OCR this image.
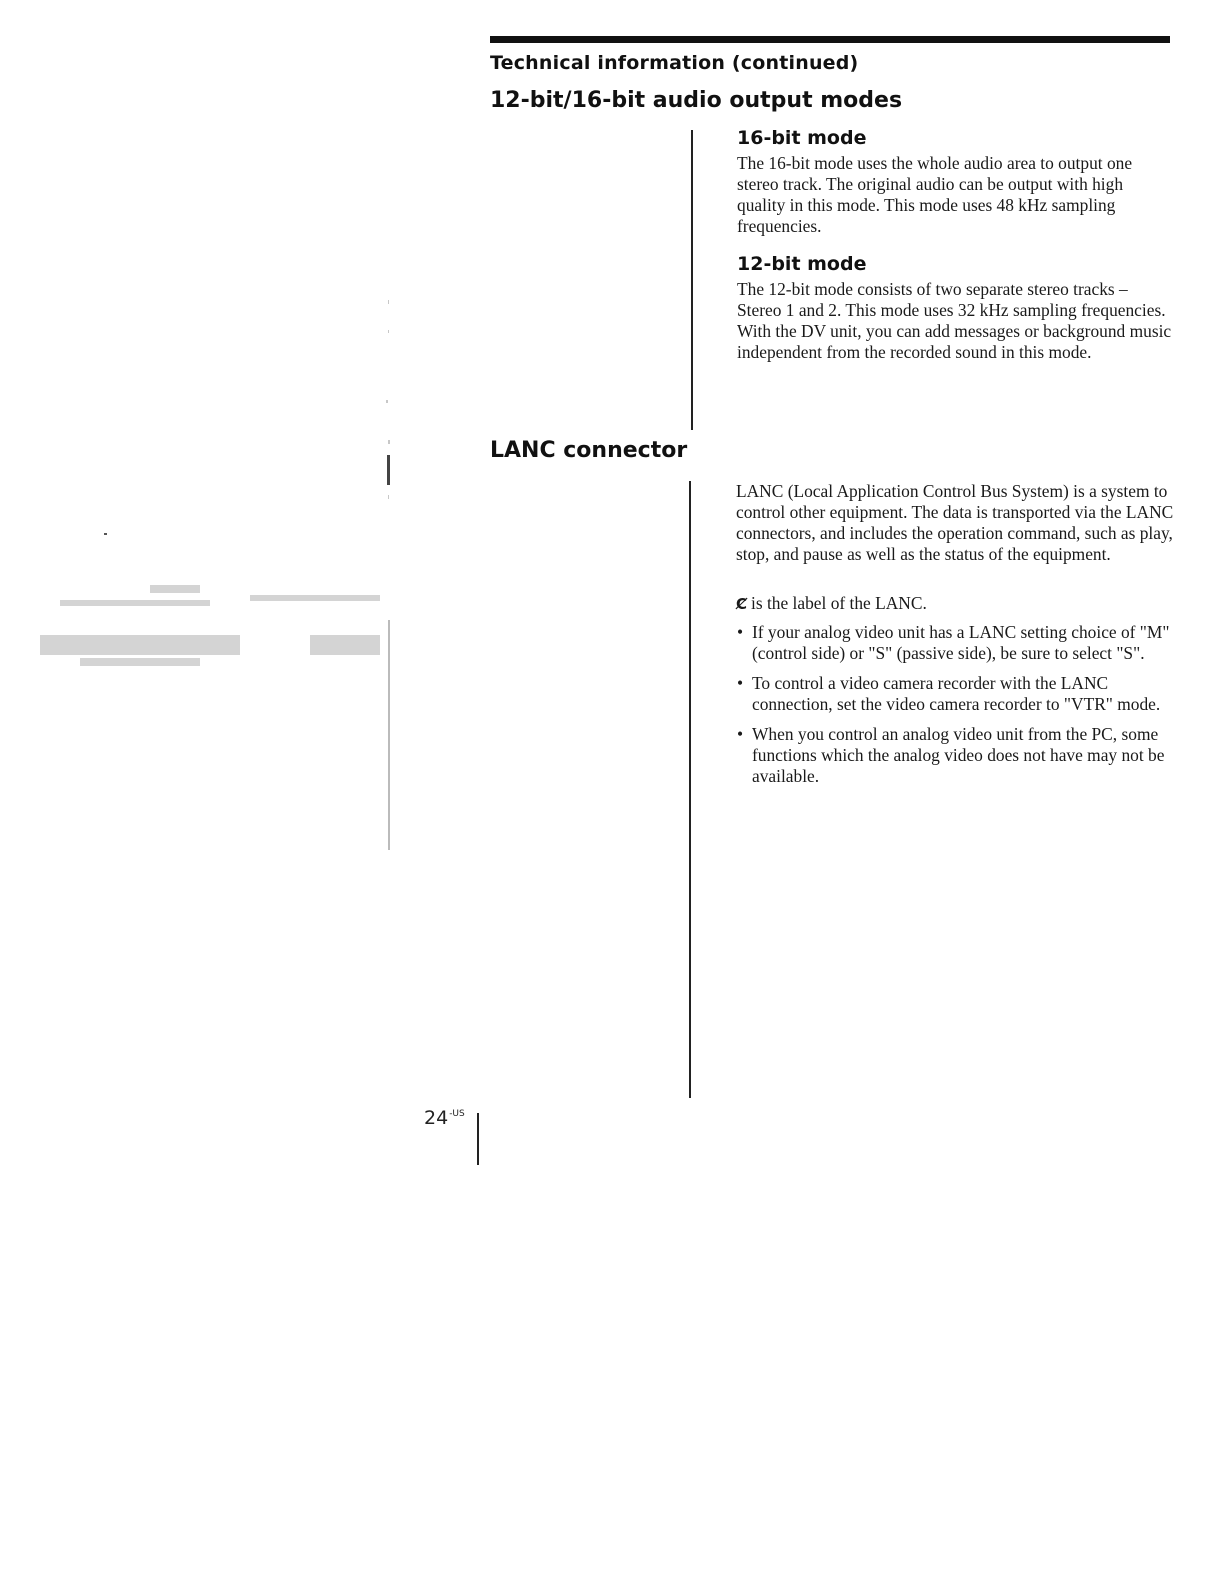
Technical information (continued)
12-bit/16-bit audio output modes
16-bit mode

The 16-bit mode uses the whole audio area to output one stereo track. The original audio can be output with high quality in this mode. This mode uses 48 kHz sampling frequencies.

12-bit mode

The 12-bit mode consists of two separate stereo tracks – Stereo 1 and 2. This mode uses 32 kHz sampling frequencies. With the DV unit, you can add messages or background music independent from the recorded sound in this mode.

LANC connector

LANC (Local Application Control Bus System) is a system to control other equipment. The data is transported via the LANC connectors, and includes the operation command, such as play, stop, and pause as well as the status of the equipment.

Ȼ is the label of the LANC.

• If your analog video unit has a LANC setting choice of "M" (control side) or "S" (passive side), be sure to select "S".
• To control a video camera recorder with the LANC connection, set the video camera recorder to "VTR" mode.
• When you control an analog video unit from the PC, some functions which the analog video does not have may not be available.
$24^{-US}$
